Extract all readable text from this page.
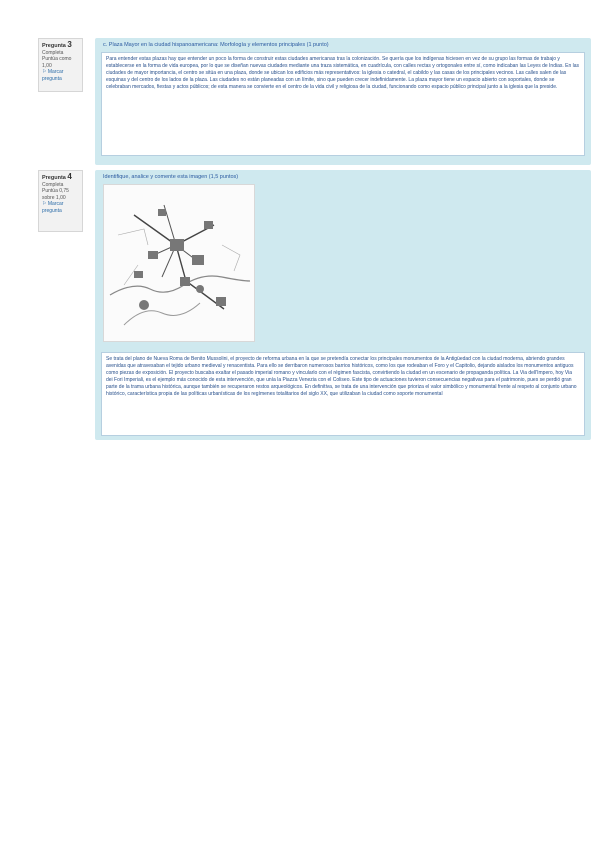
Pregunta 3
Completa
Puntúa como 1,00
⚐ Marcar pregunta
c. Plaza Mayor en la ciudad hispanoamericana: Morfología y elementos principales (1 punto)
Para entender estas plazas hay que entender un poco la forma de construir estas ciudades americanas tras la colonización. Se quería que los indígenas hiciesen en vez de su grupo las formas de trabajo y establecerse en la forma de vida europea, por lo que se diseñan nuevas ciudades mediante una traza sistemática, en cuadrícula, con calles rectas y ortogonales entre sí, como indicaban las Leyes de Indias. En las ciudades de mayor importancia, el centro se sitúa en una plaza, donde se ubican los edificios más representativos: la iglesia o catedral, el cabildo y las casas de los principales vecinos. Las calles salen de las esquinas y del centro de los lados de la plaza. Las ciudades no están planeadas con un límite, sino que pueden crecer indefinidamente. La plaza mayor tiene un espacio abierto con soportales, donde se celebraban mercados, fiestas y actos públicos; de esta manera se convierte en el centro de la vida civil y religiosa de la ciudad, funcionando como espacio público principal junto a la iglesia que la preside.
Pregunta 4
Completa
Puntúa 0,75 sobre 1,00
⚐ Marcar pregunta
Identifique, analice y comente esta imagen (1,5 puntos)
Se trata del plano de Nueva Roma de Benito Mussolini, el proyecto de reforma urbana en la que se pretendía conectar los principales monumentos de la Antigüedad con la ciudad moderna, abriendo grandes avenidas que atravesaban el tejido urbano medieval y renacentista. Para ello se derribaron numerosos barrios históricos, como los que rodeaban el Foro y el Capitolio, dejando aislados los monumentos antiguos como piezas de exposición. El proyecto buscaba exaltar el pasado imperial romano y vincularlo con el régimen fascista, convirtiendo la ciudad en un escenario de propaganda política. La Via dell'Impero, hoy Via dei Fori Imperiali, es el ejemplo más conocido de esta intervención, que unía la Piazza Venezia con el Coliseo. Este tipo de actuaciones tuvieron consecuencias negativas para el patrimonio, pues se perdió gran parte de la trama urbana histórica, aunque también se recuperaron restos arqueológicos. En definitiva, se trata de una intervención que prioriza el valor simbólico y monumental frente al respeto al conjunto urbano histórico, característica propia de las políticas urbanísticas de los regímenes totalitarios del siglo XX, que utilizaban la ciudad como soporte monumental
